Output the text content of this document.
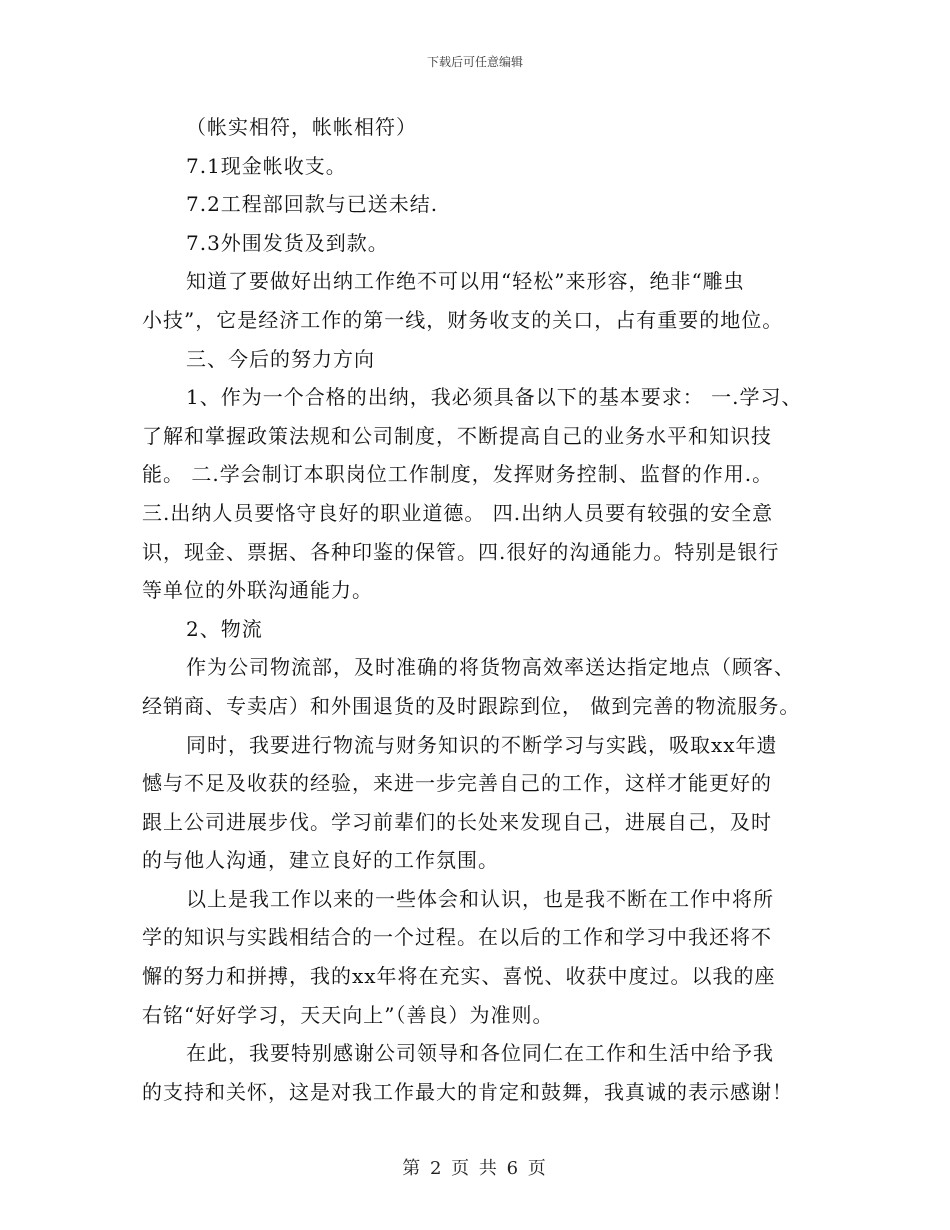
下载后可任意编辑
（帐实相符，帐帐相符）
7.1现金帐收支。
7.2工程部回款与已送未结.
7.3外围发货及到款。
知道了要做好出纳工作绝不可以用“轻松”来形容，绝非“雕虫
小技”，它是经济工作的第一线，财务收支的关口，占有重要的地位。
三、今后的努力方向
1、作为一个合格的出纳，我必须具备以下的基本要求： 一.学习、
了解和掌握政策法规和公司制度，不断提高自己的业务水平和知识技
能。 二.学会制订本职岗位工作制度，发挥财务控制、监督的作用.。
三.出纳人员要恪守良好的职业道德。 四.出纳人员要有较强的安全意
识，现金、票据、各种印鉴的保管。四.很好的沟通能力。特别是银行
等单位的外联沟通能力。
2、物流
作为公司物流部，及时准确的将货物高效率送达指定地点（顾客、
经销商、专卖店）和外围退货的及时跟踪到位， 做到完善的物流服务。
同时，我要进行物流与财务知识的不断学习与实践，吸取xx年遗
憾与不足及收获的经验，来进一步完善自己的工作，这样才能更好的
跟上公司进展步伐。学习前辈们的长处来发现自己，进展自己，及时
的与他人沟通，建立良好的工作氛围。
以上是我工作以来的一些体会和认识，也是我不断在工作中将所
学的知识与实践相结合的一个过程。在以后的工作和学习中我还将不
懈的努力和拼搏，我的xx年将在充实、喜悦、收获中度过。以我的座
右铭“好好学习，天天向上”（善良）为准则。
在此，我要特别感谢公司领导和各位同仁在工作和生活中给予我
的支持和关怀，这是对我工作最大的肯定和鼓舞，我真诚的表示感谢！
第 2 页 共 6 页
